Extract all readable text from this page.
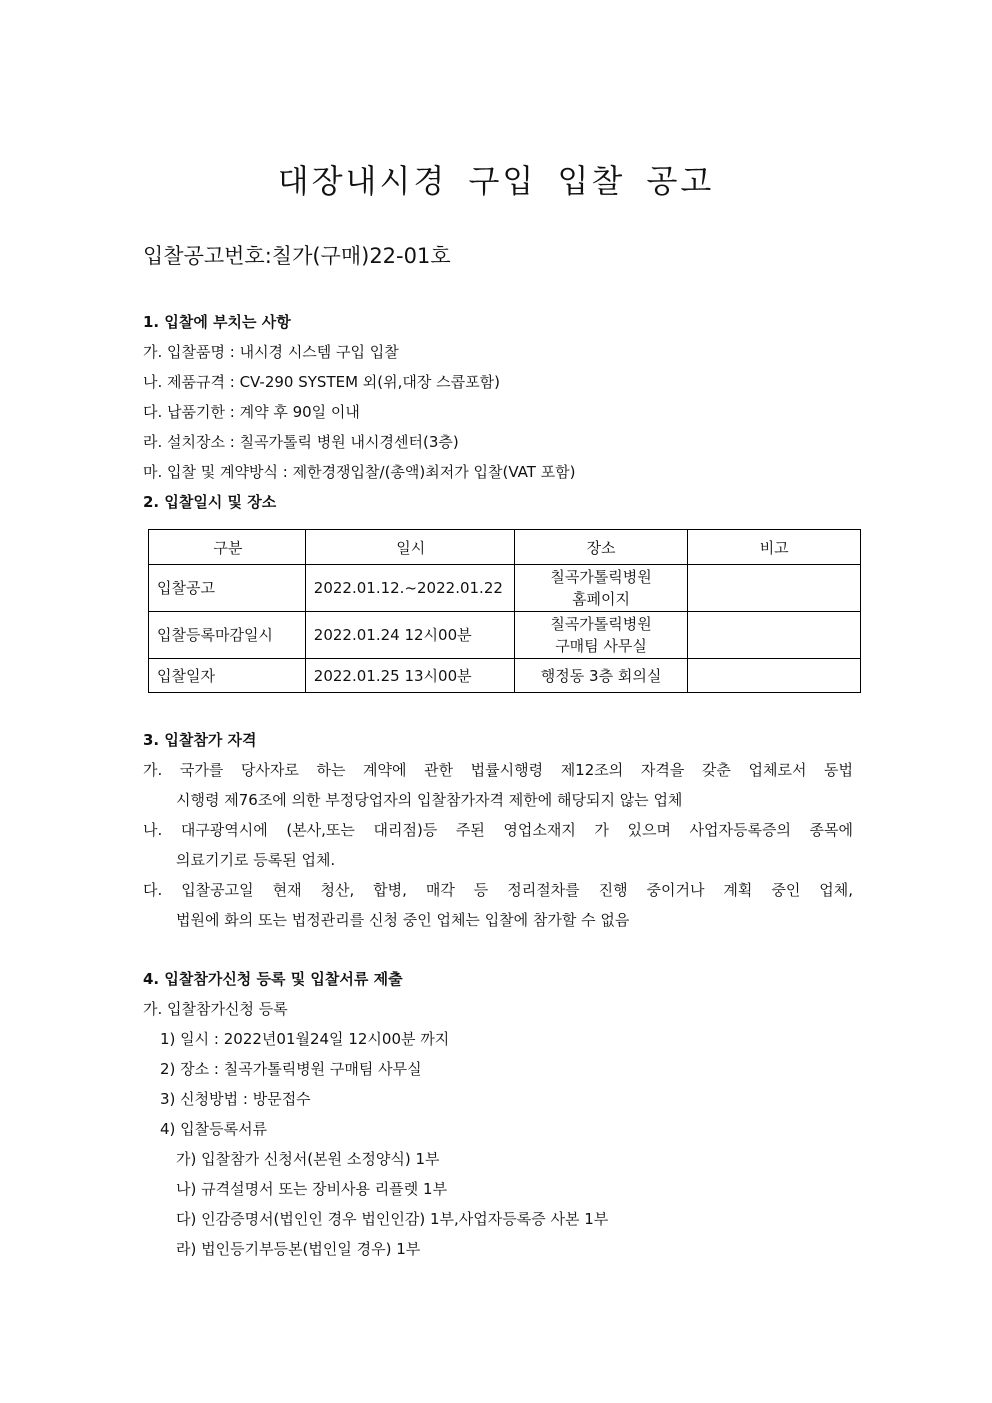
대장내시경 구입 입찰 공고

입찰공고번호:칠가(구매)22-01호

1. 입찰에 부치는 사항

가. 입찰품명 : 내시경 시스템 구입 입찰

나. 제품규격 : CV-290 SYSTEM 외(위,대장 스콥포함)

다. 납품기한 : 계약 후 90일 이내

라. 설치장소 : 칠곡가톨릭 병원 내시경센터(3층)

마. 입찰 및 계약방식 : 제한경쟁입찰/(총액)최저가 입찰(VAT 포함)

2. 입찰일시 및 장소

구분	일시	장소	비고
입찰공고	2022.01.12.~2022.01.22	칠곡가톨릭병원
홈페이지	

입찰등록마감일시	2022.01.24 12시00분	칠곡가톨릭병원
구매팀 사무실	

입찰일자	2022.01.25 13시00분	행정동 3층 회의실	

3. 입찰참가 자격

가. 국가를 당사자로 하는 계약에 관한 법률시행령 제12조의 자격을 갖춘 업체로서 동법

시행령 제76조에 의한 부정당업자의 입찰참가자격 제한에 해당되지 않는 업체

나. 대구광역시에 (본사,또는 대리점)등 주된 영업소재지 가 있으며 사업자등록증의 종목에

의료기기로 등록된 업체.

다. 입찰공고일 현재 청산, 합병, 매각 등 정리절차를 진행 중이거나 계획 중인 업체,

법원에 화의 또는 법정관리를 신청 중인 업체는 입찰에 참가할 수 없음

4. 입찰참가신청 등록 및 입찰서류 제출

가. 입찰참가신청 등록

1) 일시 : 2022년01월24일 12시00분 까지

2) 장소 : 칠곡가톨릭병원 구매팀 사무실

3) 신청방법 : 방문접수

4) 입찰등록서류

가) 입찰참가 신청서(본원 소정양식) 1부

나) 규격설명서 또는 장비사용 리플렛 1부

다) 인감증명서(법인인 경우 법인인감) 1부,사업자등록증 사본 1부

라) 법인등기부등본(법인일 경우) 1부
